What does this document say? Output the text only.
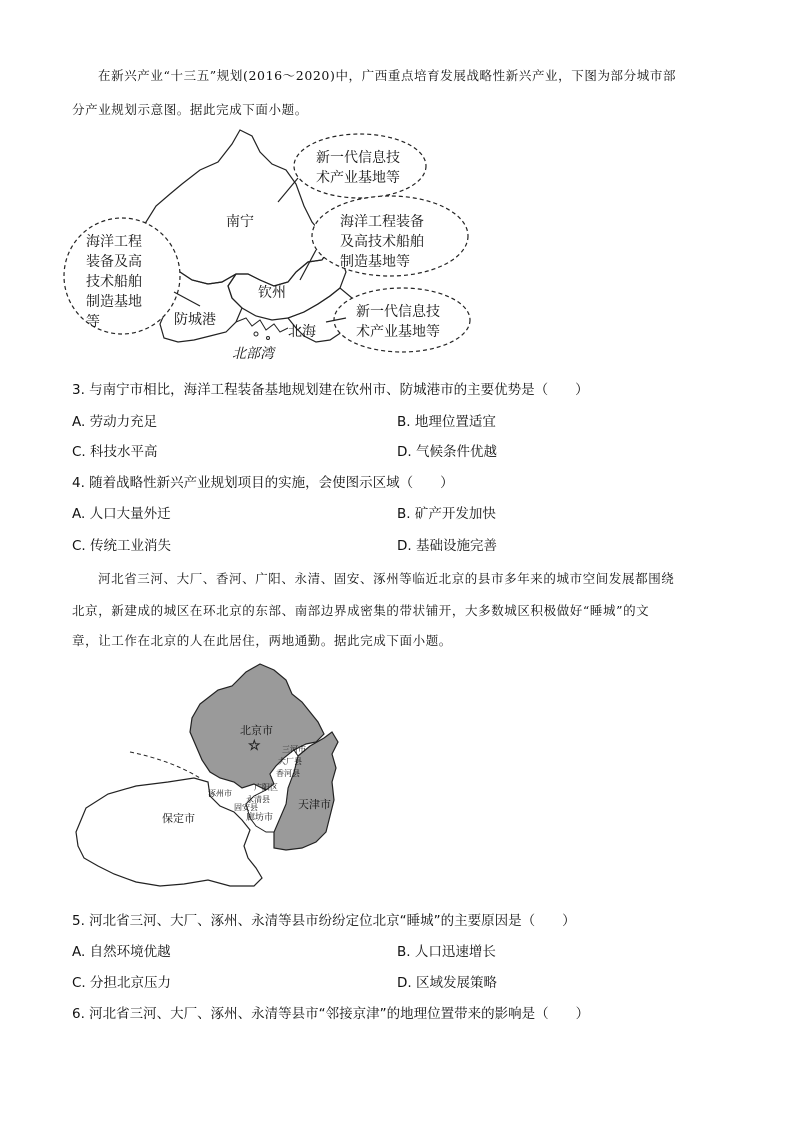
在新兴产业“十三五”规划(2016～2020)中，广西重点培育发展战略性新兴产业，下图为部分城市部
分产业规划示意图。据此完成下面小题。
南宁
钦州
防城港
北海
北部湾
新一代信息技
术产业基地等
海洋工程
装备及高
技术船舶
制造基地
等
海洋工程装备
及高技术船舶
制造基地等
新一代信息技
术产业基地等
3. 与南宁市相比，海洋工程装备基地规划建在钦州市、防城港市的主要优势是（　　）
A. 劳动力充足	B. 地理位置适宜
C. 科技水平高	D. 气候条件优越
4. 随着战略性新兴产业规划项目的实施，会使图示区域（　　）
A. 人口大量外迁	B. 矿产开发加快
C. 传统工业消失	D. 基础设施完善
河北省三河、大厂、香河、广阳、永清、固安、涿州等临近北京的县市多年来的城市空间发展都围绕
北京，新建成的城区在环北京的东部、南部边界成密集的带状铺开，大多数城区积极做好“睡城”的文
章，让工作在北京的人在此居住，两地通勤。据此完成下面小题。
☆
北京市
天津市
保定市
三河市
大厂县
香河县
涿州市
广阳区
永清县
固安县
廊坊市
5. 河北省三河、大厂、涿州、永清等县市纷纷定位北京“睡城”的主要原因是（　　）
A. 自然环境优越	B. 人口迅速增长
C. 分担北京压力	D. 区域发展策略
6. 河北省三河、大厂、涿州、永清等县市“邻接京津”的地理位置带来的影响是（　　）
